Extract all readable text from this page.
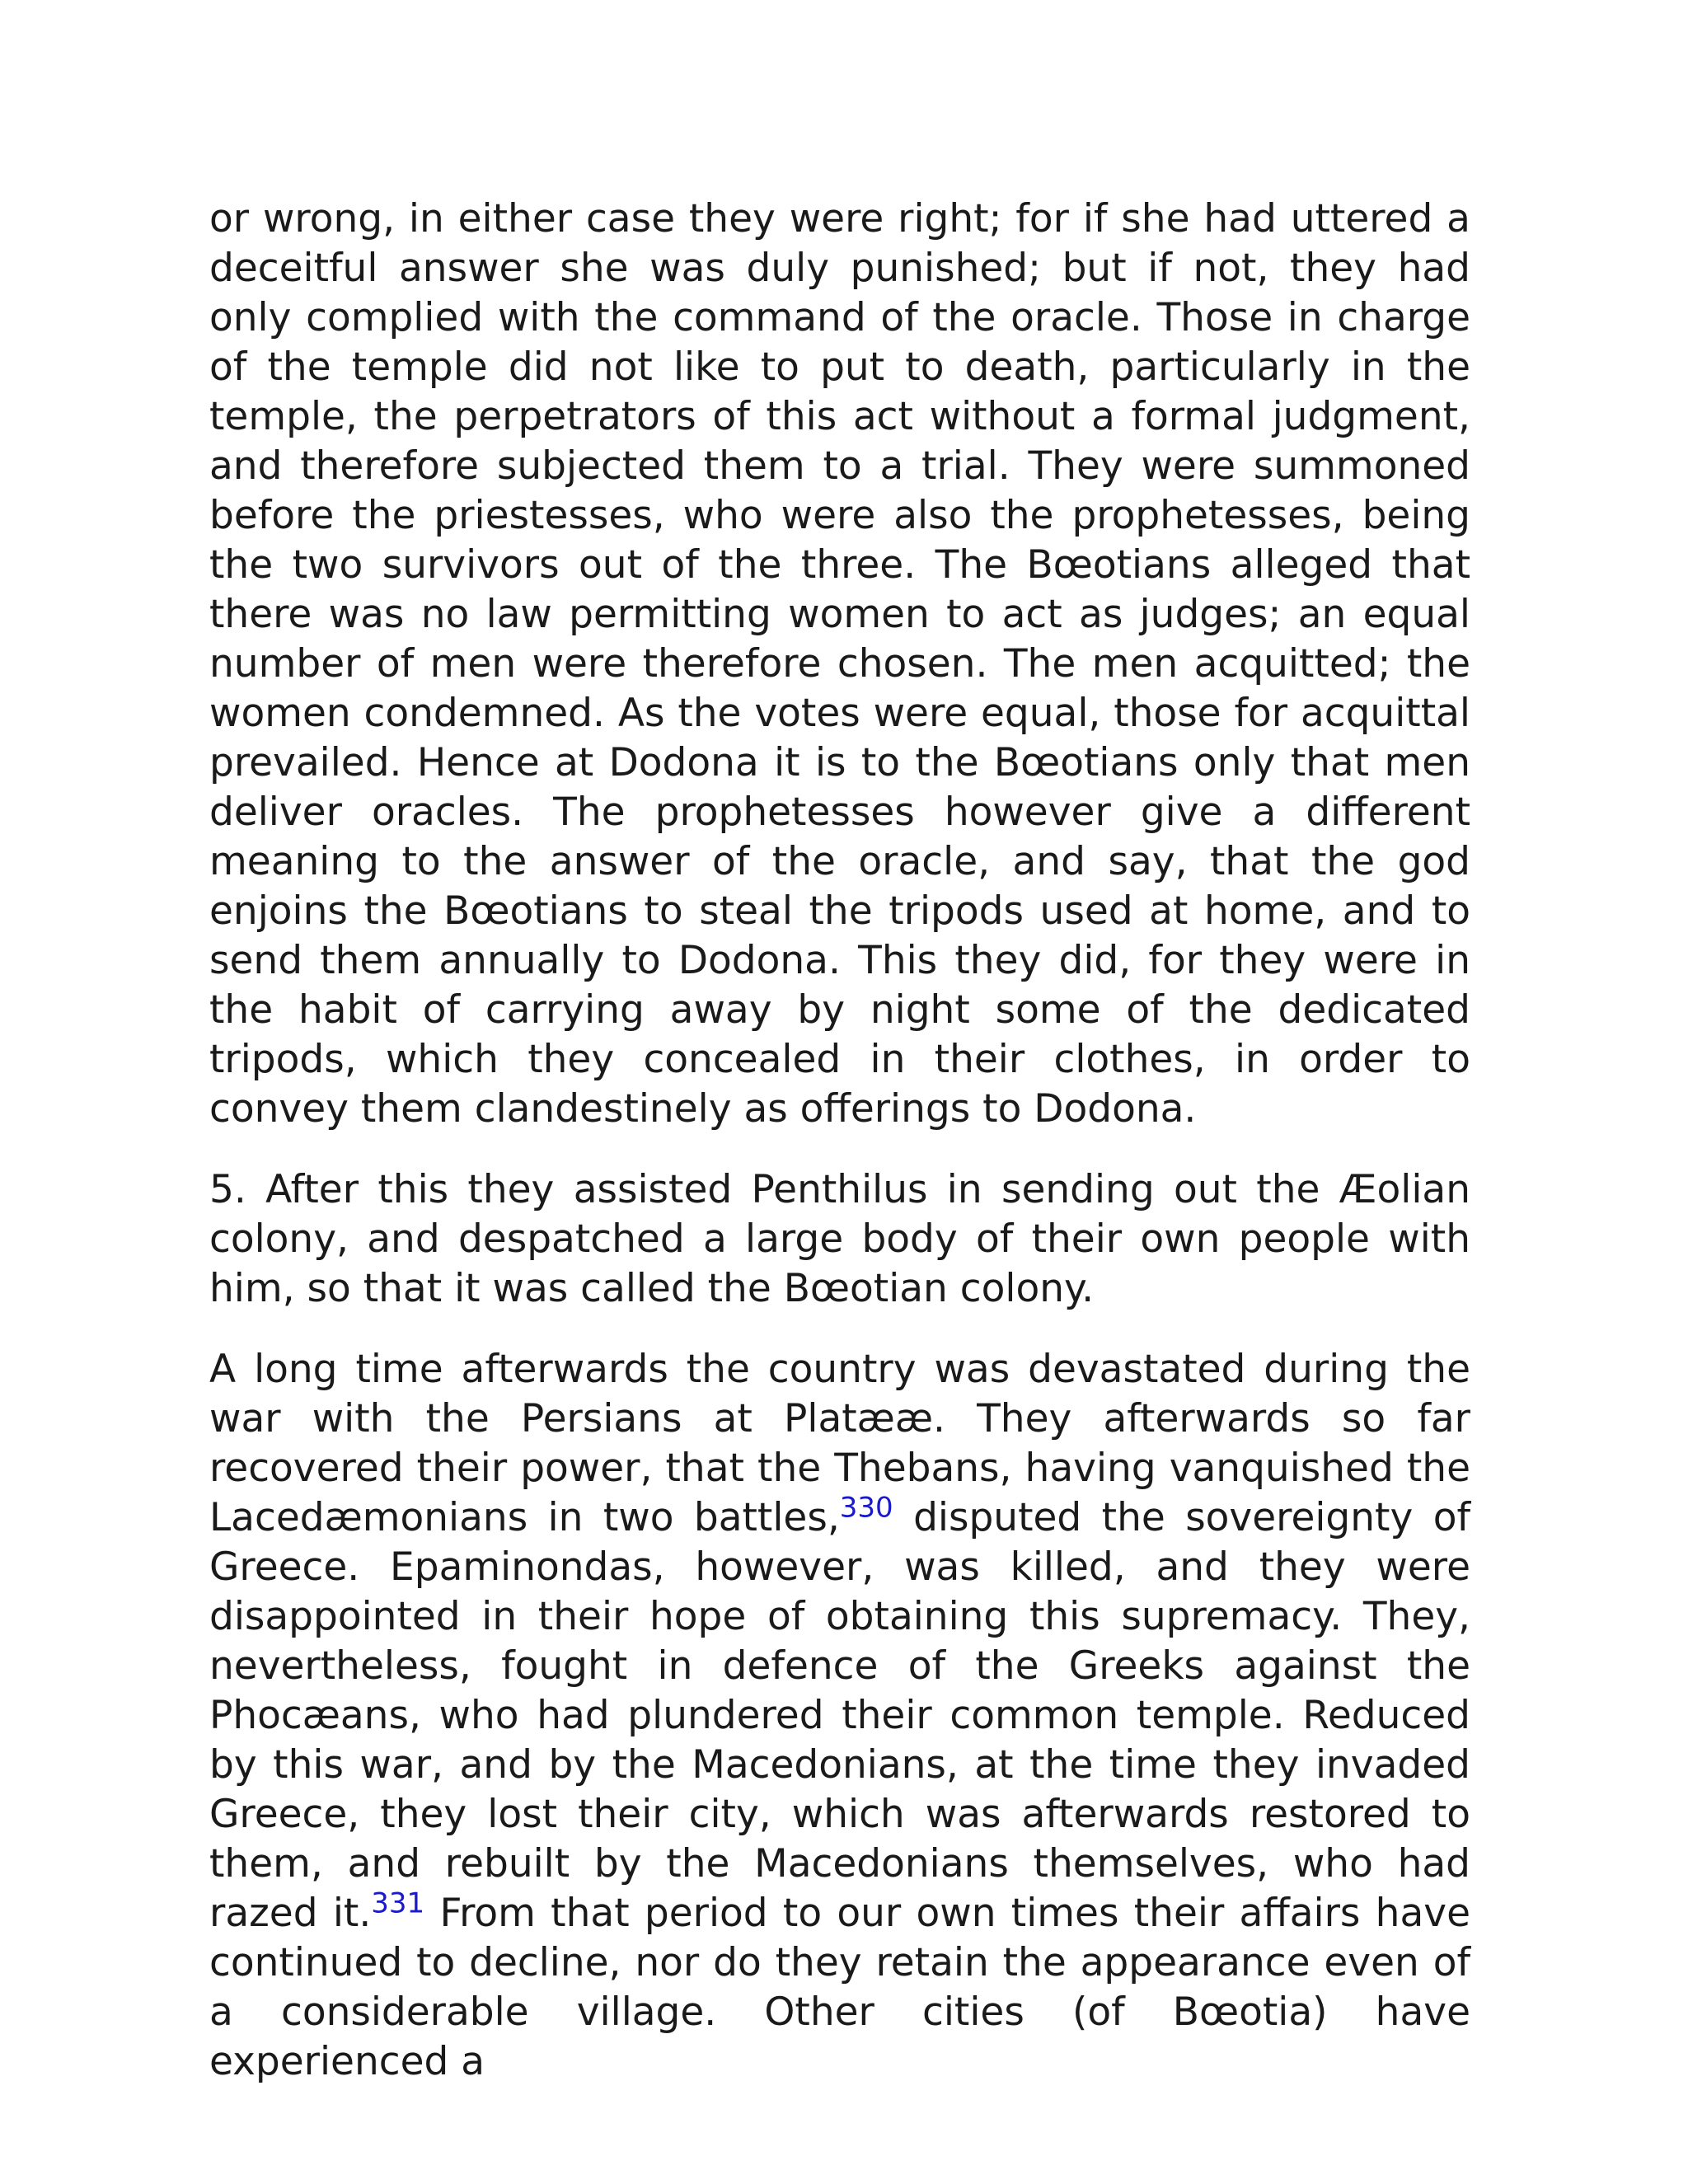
or wrong, in either case they were right; for if she had uttered a deceitful answer she was duly punished; but if not, they had only complied with the command of the oracle. Those in charge of the temple did not like to put to death, particularly in the temple, the perpetrators of this act without a formal judgment, and therefore subjected them to a trial. They were summoned before the priestesses, who were also the prophetesses, being the two survivors out of the three. The Bœotians alleged that there was no law permitting women to act as judges; an equal number of men were therefore chosen. The men acquitted; the women condemned. As the votes were equal, those for acquittal prevailed. Hence at Dodona it is to the Bœotians only that men deliver oracles. The prophetesses however give a different meaning to the answer of the oracle, and say, that the god enjoins the Bœotians to steal the tripods used at home, and to send them annually to Dodona. This they did, for they were in the habit of carrying away by night some of the dedicated tripods, which they concealed in their clothes, in order to convey them clandestinely as offerings to Dodona.

5. After this they assisted Penthilus in sending out the Æolian colony, and despatched a large body of their own people with him, so that it was called the Bœotian colony.

A long time afterwards the country was devastated during the war with the Persians at Platææ. They afterwards so far recovered their power, that the Thebans, having vanquished the Lacedæmonians in two battles,$^{330}$ disputed the sovereignty of Greece. Epaminondas, however, was killed, and they were disappointed in their hope of obtaining this supremacy. They, nevertheless, fought in defence of the Greeks against the Phocæans, who had plundered their common temple. Reduced by this war, and by the Macedonians, at the time they invaded Greece, they lost their city, which was afterwards restored to them, and rebuilt by the Macedonians themselves, who had razed it.$^{331}$ From that period to our own times their affairs have continued to decline, nor do they retain the appearance even of a considerable village. Other cities (of Bœotia) have experienced a
